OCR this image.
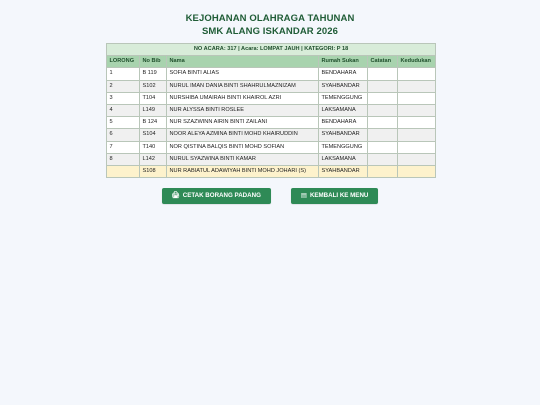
KEJOHANAN OLAHRAGA TAHUNAN
SMK ALANG ISKANDAR 2026
NO ACARA: 317 | Acara: LOMPAT JAUH | KATEGORI: P 18					
LORONG	No Bib	Nama	Rumah Sukan	Catatan	Kedudukan
1	B 119	SOFIA BINTI ALIAS	BENDAHARA		
2	S102	NURUL IMAN DANIA BINTI SHAHRULMAZNIZAM	SYAHBANDAR		
3	T104	NURSHIBA UMAIRAH BINTI KHAIROL AZRI	TEMENGGUNG		
4	L149	NUR ALYSSA BINTI ROSLEE	LAKSAMANA		
5	B 124	NUR SZAZWINN AIRIN BINTI ZAILANI	BENDAHARA		
6	S104	NOOR ALEYA AZMINA BINTI MOHD KHAIRUDDIN	SYAHBANDAR		
7	T140	NOR QISTINA BALQIS BINTI MOHD SOFIAN	TEMENGGUNG		
8	L142	NURUL SYAZWINA BINTI KAMAR	LAKSAMANA		
	S108	NUR RABIATUL ADAWIYAH BINTI MOHD JOHARI (S)	SYAHBANDAR		
🖨 CETAK BORANG PADANG	▤ KEMBALI KE MENU
